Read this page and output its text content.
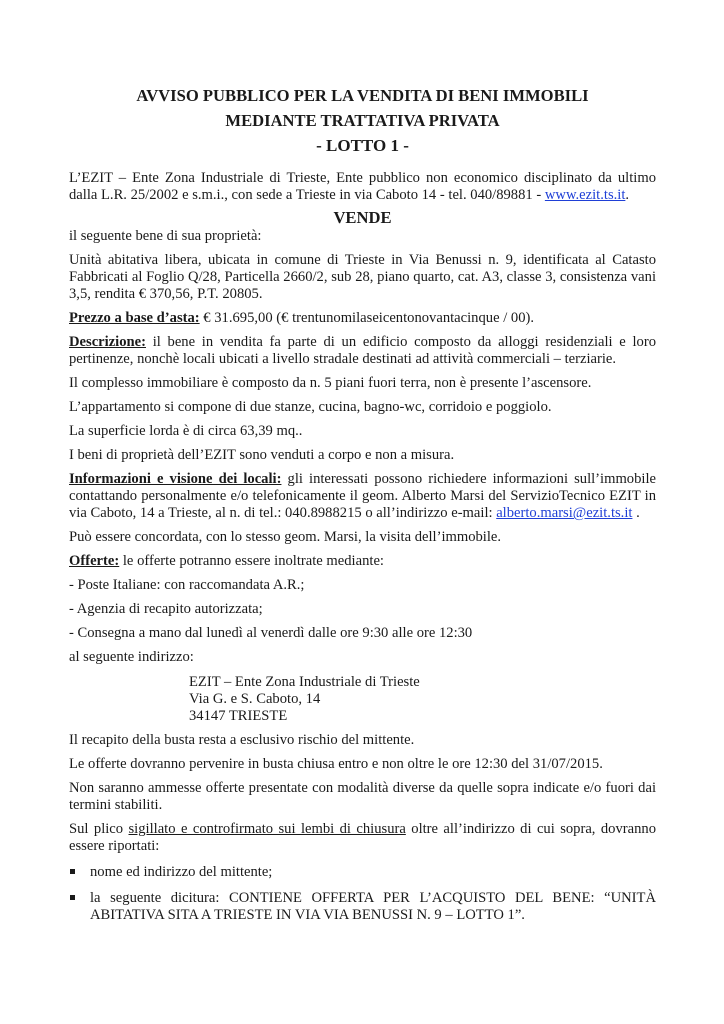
AVVISO PUBBLICO PER LA VENDITA DI BENI IMMOBILI
MEDIANTE TRATTATIVA PRIVATA
- LOTTO 1 -

L’EZIT – Ente Zona Industriale di Trieste, Ente pubblico non economico disciplinato da ultimo dalla L.R. 25/2002 e s.m.i., con sede a Trieste in via Caboto 14 - tel. 040/89881 - www.ezit.ts.it.

VENDE

il seguente bene di sua proprietà:

Unità abitativa libera, ubicata in comune di Trieste in Via Benussi n. 9, identificata al Catasto Fabbricati al Foglio Q/28, Particella 2660/2, sub 28, piano quarto, cat. A3, classe 3, consistenza vani 3,5, rendita € 370,56, P.T. 20805.

Prezzo a base d’asta: € 31.695,00 (€ trentunomilaseicentonovantacinque / 00).

Descrizione: il bene in vendita fa parte di un edificio composto da alloggi residenziali e loro pertinenze, nonchè locali ubicati a livello stradale destinati ad attività commerciali – terziarie.

Il complesso immobiliare è composto da n. 5 piani fuori terra, non è presente l’ascensore.

L’appartamento si compone di due stanze, cucina, bagno-wc, corridoio e poggiolo.

La superficie lorda è di circa 63,39 mq..

I beni di proprietà dell’EZIT sono venduti a corpo e non a misura.

Informazioni e visione dei locali: gli interessati possono richiedere informazioni sull’immobile contattando personalmente e/o telefonicamente il geom. Alberto Marsi del ServizioTecnico EZIT in via Caboto, 14 a Trieste, al n. di tel.: 040.8988215 o all’indirizzo e-mail: alberto.marsi@ezit.ts.it .

Può essere concordata, con lo stesso geom. Marsi, la visita dell’immobile.

Offerte: le offerte potranno essere inoltrate mediante:

- Poste Italiane: con raccomandata A.R.;

- Agenzia di recapito autorizzata;

- Consegna a mano dal lunedì al venerdì dalle ore 9:30 alle ore 12:30

al seguente indirizzo:

EZIT – Ente Zona Industriale di Trieste
Via G. e S. Caboto, 14
34147 TRIESTE

Il recapito della busta resta a esclusivo rischio del mittente.

Le offerte dovranno pervenire in busta chiusa entro e non oltre le ore 12:30 del 31/07/2015.

Non saranno ammesse offerte presentate con modalità diverse da quelle sopra indicate e/o fuori dai termini stabiliti.

Sul plico sigillato e controfirmato sui lembi di chiusura oltre all’indirizzo di cui sopra, dovranno essere riportati:

nome ed indirizzo del mittente;
la seguente dicitura: CONTIENE OFFERTA PER L’ACQUISTO DEL BENE: “UNITÀ ABITATIVA SITA A TRIESTE IN VIA VIA BENUSSI N. 9 – LOTTO 1”.
